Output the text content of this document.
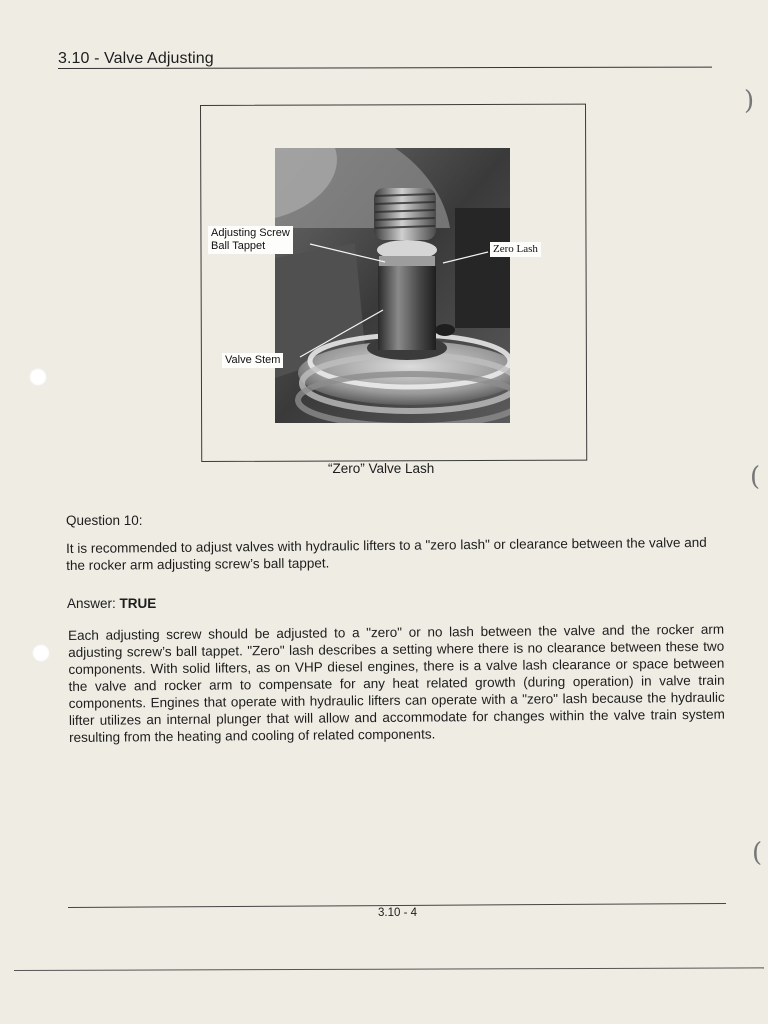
3.10 - Valve Adjusting
)
(
(
Adjusting Screw
Ball Tappet	Zero Lash
Valve Stem
“Zero” Valve Lash
Question 10:
It is recommended to adjust valves with hydraulic lifters to a "zero lash" or clearance between the valve and the rocker arm adjusting screw’s ball tappet.
Answer: TRUE
Each adjusting screw should be adjusted to a "zero" or no lash between the valve and the rocker arm adjusting screw’s ball tappet. "Zero" lash describes a setting where there is no clearance between these two components. With solid lifters, as on VHP diesel engines, there is a valve lash clearance or space between the valve and rocker arm to compensate for any heat related growth (during operation) in valve train components. Engines that operate with hydraulic lifters can operate with a "zero" lash because the hydraulic lifter utilizes an internal plunger that will allow and accommodate for changes within the valve train system resulting from the heating and cooling of related components.
3.10 - 4
